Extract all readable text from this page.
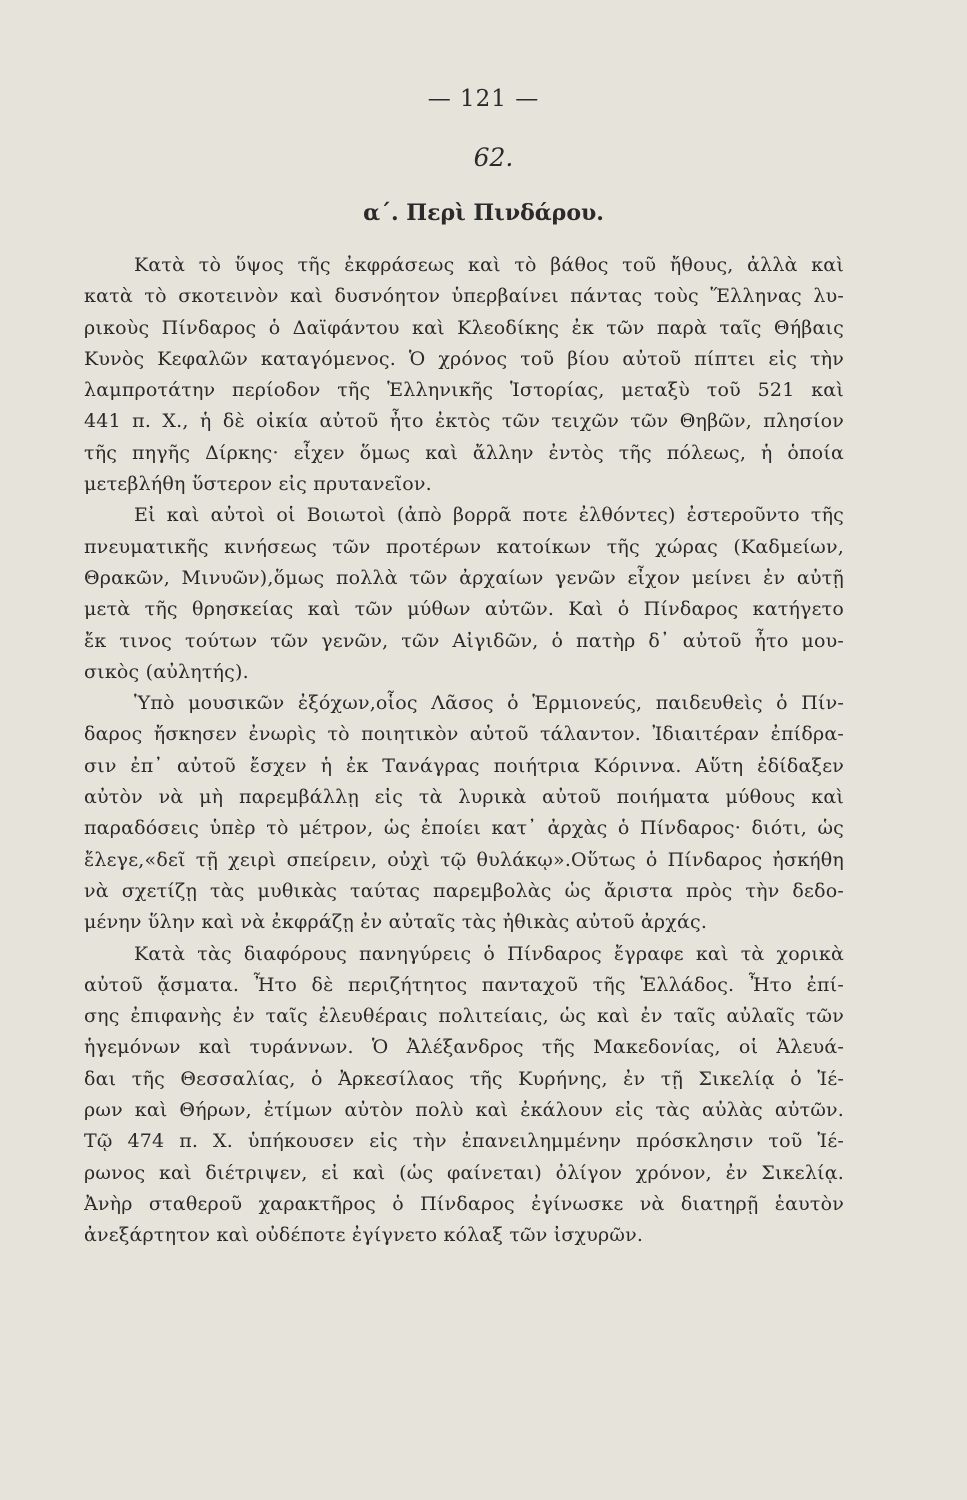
— 121 —
62.
α΄. Περὶ Πινδάρου.
Κατὰ τὸ ὕψος τῆς ἐκφράσεως καὶ τὸ βάθος τοῦ ἤθους, ἀλλὰ καὶ
κατὰ τὸ σκοτεινὸν καὶ δυσνόητον ὑπερβαίνει πάντας τοὺς Ἕλληνας λυ-
ρικοὺς Πίνδαρος ὁ Δαϊφάντου καὶ Κλεοδίκης ἐκ τῶν παρὰ ταῖς Θήβαις
Κυνὸς Κεφαλῶν καταγόμενος. Ὁ χρόνος τοῦ βίου αὐτοῦ πίπτει εἰς τὴν
λαμπροτάτην περίοδον τῆς Ἑλληνικῆς Ἱστορίας, μεταξὺ τοῦ 521 καὶ
441 π. Χ., ἡ δὲ οἰκία αὐτοῦ ἦτο ἐκτὸς τῶν τειχῶν τῶν Θηβῶν, πλησίον
τῆς πηγῆς Δίρκης· εἶχεν ὅμως καὶ ἄλλην ἐντὸς τῆς πόλεως, ἡ ὁποία
μετεβλήθη ὕστερον εἰς πρυτανεῖον.
Εἰ καὶ αὐτοὶ οἱ Βοιωτοὶ (ἀπὸ βορρᾶ ποτε ἐλθόντες) ἐστεροῦντο τῆς
πνευματικῆς κινήσεως τῶν προτέρων κατοίκων τῆς χώρας (Καδμείων,
Θρακῶν, Μινυῶν),ὅμως πολλὰ τῶν ἀρχαίων γενῶν εἶχον μείνει ἐν αὐτῇ
μετὰ τῆς θρησκείας καὶ τῶν μύθων αὐτῶν. Καὶ ὁ Πίνδαρος κατήγετο
ἔκ τινος τούτων τῶν γενῶν, τῶν Αἰγιδῶν, ὁ πατὴρ δ᾽ αὐτοῦ ἦτο μου-
σικὸς (αὐλητής).
Ὑπὸ μουσικῶν ἐξόχων,οἷος Λᾶσος ὁ Ἑρμιονεύς, παιδευθεὶς ὁ Πίν-
δαρος ἤσκησεν ἐνωρὶς τὸ ποιητικὸν αὐτοῦ τάλαντον. Ἰδιαιτέραν ἐπίδρα-
σιν ἐπ᾽ αὐτοῦ ἔσχεν ἡ ἐκ Τανάγρας ποιήτρια Κόριννα. Αὕτη ἐδίδαξεν
αὐτὸν νὰ μὴ παρεμβάλλῃ εἰς τὰ λυρικὰ αὐτοῦ ποιήματα μύθους καὶ
παραδόσεις ὑπὲρ τὸ μέτρον, ὡς ἐποίει κατ᾽ ἀρχὰς ὁ Πίνδαρος· διότι, ὡς
ἔλεγε,«δεῖ τῇ χειρὶ σπείρειν, οὐχὶ τῷ θυλάκῳ».Οὕτως ὁ Πίνδαρος ἠσκήθη
νὰ σχετίζῃ τὰς μυθικὰς ταύτας παρεμβολὰς ὡς ἄριστα πρὸς τὴν δεδο-
μένην ὕλην καὶ νὰ ἐκφράζῃ ἐν αὐταῖς τὰς ἠθικὰς αὐτοῦ ἀρχάς.
Κατὰ τὰς διαφόρους πανηγύρεις ὁ Πίνδαρος ἔγραφε καὶ τὰ χορικὰ
αὐτοῦ ᾄσματα. Ἦτο δὲ περιζήτητος πανταχοῦ τῆς Ἑλλάδος. Ἦτο ἐπί-
σης ἐπιφανὴς ἐν ταῖς ἐλευθέραις πολιτείαις, ὡς καὶ ἐν ταῖς αὐλαῖς τῶν
ἡγεμόνων καὶ τυράννων. Ὁ Ἀλέξανδρος τῆς Μακεδονίας, οἱ Ἀλευά-
δαι τῆς Θεσσαλίας, ὁ Ἀρκεσίλαος τῆς Κυρήνης, ἐν τῇ Σικελίᾳ ὁ Ἱέ-
ρων καὶ Θήρων, ἐτίμων αὐτὸν πολὺ καὶ ἐκάλουν εἰς τὰς αὐλὰς αὐτῶν.
Τῷ 474 π. Χ. ὑπήκουσεν εἰς τὴν ἐπανειλημμένην πρόσκλησιν τοῦ Ἱέ-
ρωνος καὶ διέτριψεν, εἰ καὶ (ὡς φαίνεται) ὀλίγον χρόνον, ἐν Σικελίᾳ.
Ἀνὴρ σταθεροῦ χαρακτῆρος ὁ Πίνδαρος ἐγίνωσκε νὰ διατηρῇ ἑαυτὸν
ἀνεξάρτητον καὶ οὐδέποτε ἐγίγνετο κόλαξ τῶν ἰσχυρῶν.
